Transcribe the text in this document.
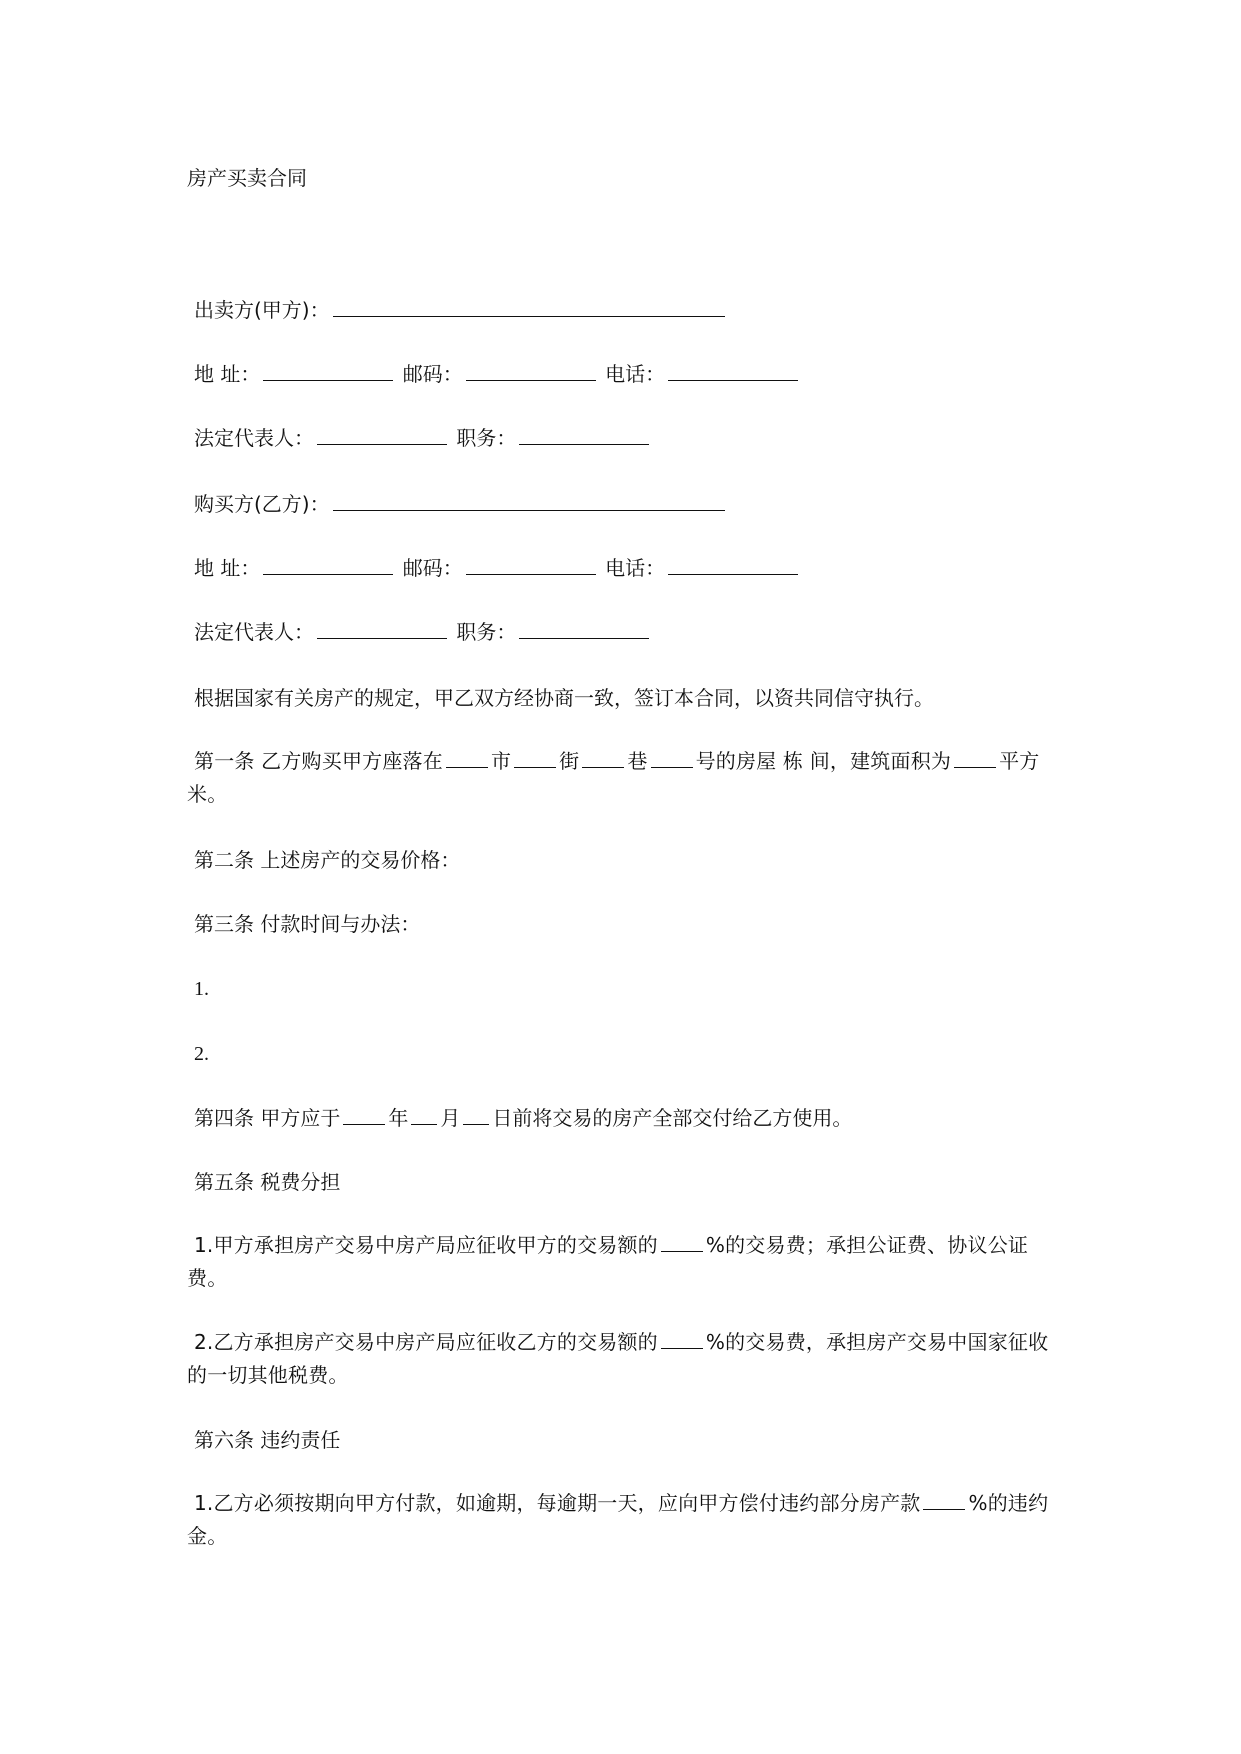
房产买卖合同
出卖方(甲方)：
地 址：	邮码：	电话：
法定代表人：	职务：
购买方(乙方)：
地 址：	邮码：	电话：
法定代表人：	职务：
根据国家有关房产的规定，甲乙双方经协商一致，签订本合同，以资共同信守执行。
第一条 乙方购买甲方座落在 市 街 巷 号的房屋 栋 间，建筑面积为 平方米。
第二条 上述房产的交易价格：
第三条 付款时间与办法：
1.
2.
第四条 甲方应于 年 月 日前将交易的房产全部交付给乙方使用。
第五条 税费分担
1.甲方承担房产交易中房产局应征收甲方的交易额的 %的交易费；承担公证费、协议公证费。
2.乙方承担房产交易中房产局应征收乙方的交易额的 %的交易费，承担房产交易中国家征收的一切其他税费。
第六条 违约责任
1.乙方必须按期向甲方付款，如逾期，每逾期一天，应向甲方偿付违约部分房产款 %的违约金。
